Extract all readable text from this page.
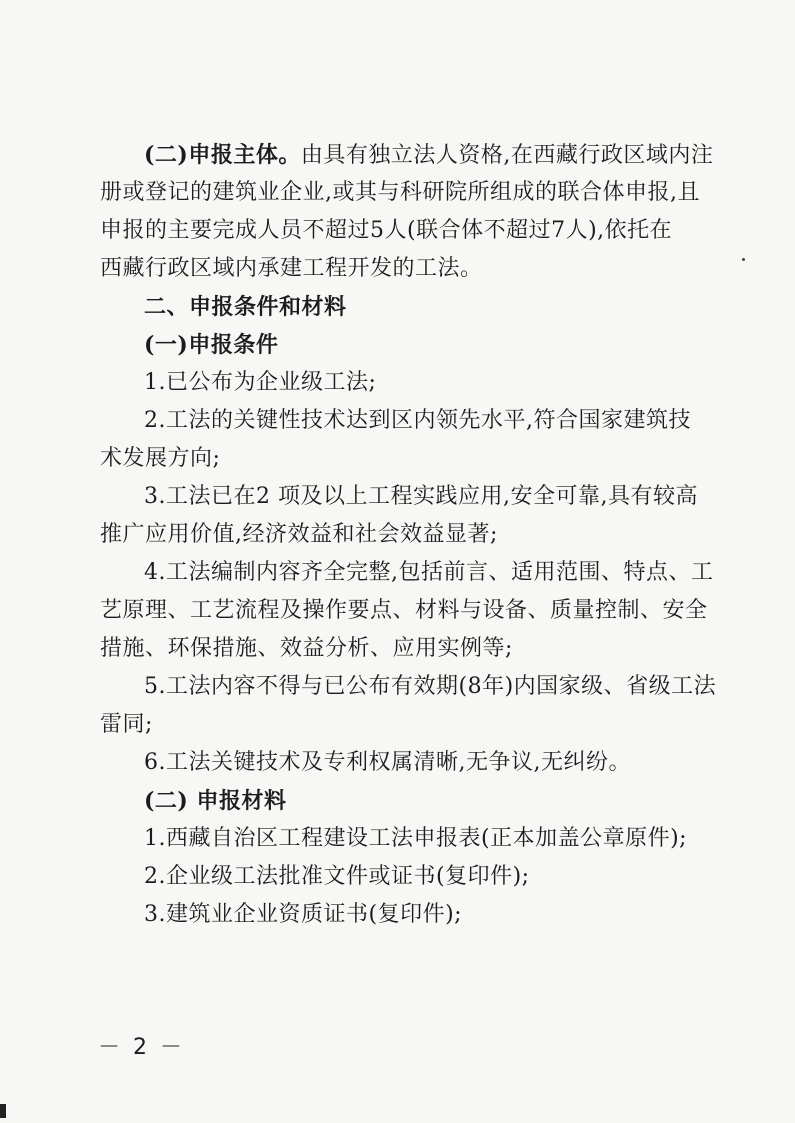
(二)申报主体。由具有独立法人资格,在西藏行政区域内注
册或登记的建筑业企业,或其与科研院所组成的联合体申报,且
申报的主要完成人员不超过5人(联合体不超过7人),依托在
西藏行政区域内承建工程开发的工法。
二、申报条件和材料
(一)申报条件
1.已公布为企业级工法;
2.工法的关键性技术达到区内领先水平,符合国家建筑技
术发展方向;
3.工法已在2 项及以上工程实践应用,安全可靠,具有较高
推广应用价值,经济效益和社会效益显著;
4.工法编制内容齐全完整,包括前言、适用范围、特点、工
艺原理、工艺流程及操作要点、材料与设备、质量控制、安全
措施、环保措施、效益分析、应用实例等;
5.工法内容不得与已公布有效期(8年)内国家级、省级工法
雷同;
6.工法关键技术及专利权属清晰,无争议,无纠纷。
(二) 申报材料
1.西藏自治区工程建设工法申报表(正本加盖公章原件);
2.企业级工法批准文件或证书(复印件);
3.建筑业企业资质证书(复印件);
－ 2 －
